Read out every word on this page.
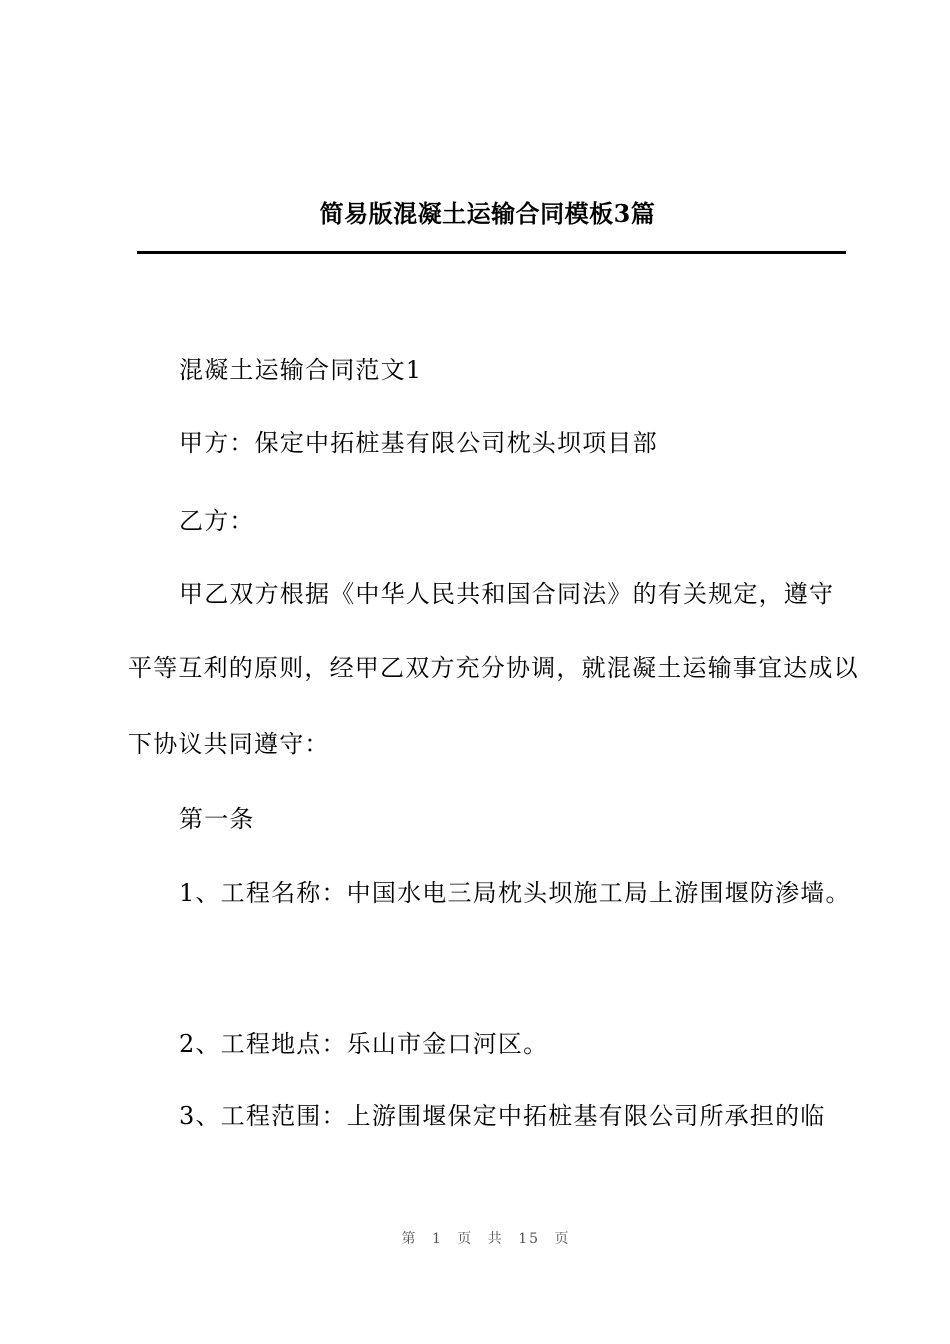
简易版混凝土运输合同模板3篇
混凝土运输合同范文1
甲方：保定中拓桩基有限公司枕头坝项目部
乙方：
甲乙双方根据《中华人民共和国合同法》的有关规定，遵守
平等互利的原则，经甲乙双方充分协调，就混凝土运输事宜达成以
下协议共同遵守：
第一条
1、工程名称：中国水电三局枕头坝施工局上游围堰防渗墙。
2、工程地点：乐山市金口河区。
3、工程范围：上游围堰保定中拓桩基有限公司所承担的临
第 1 页 共 15 页
